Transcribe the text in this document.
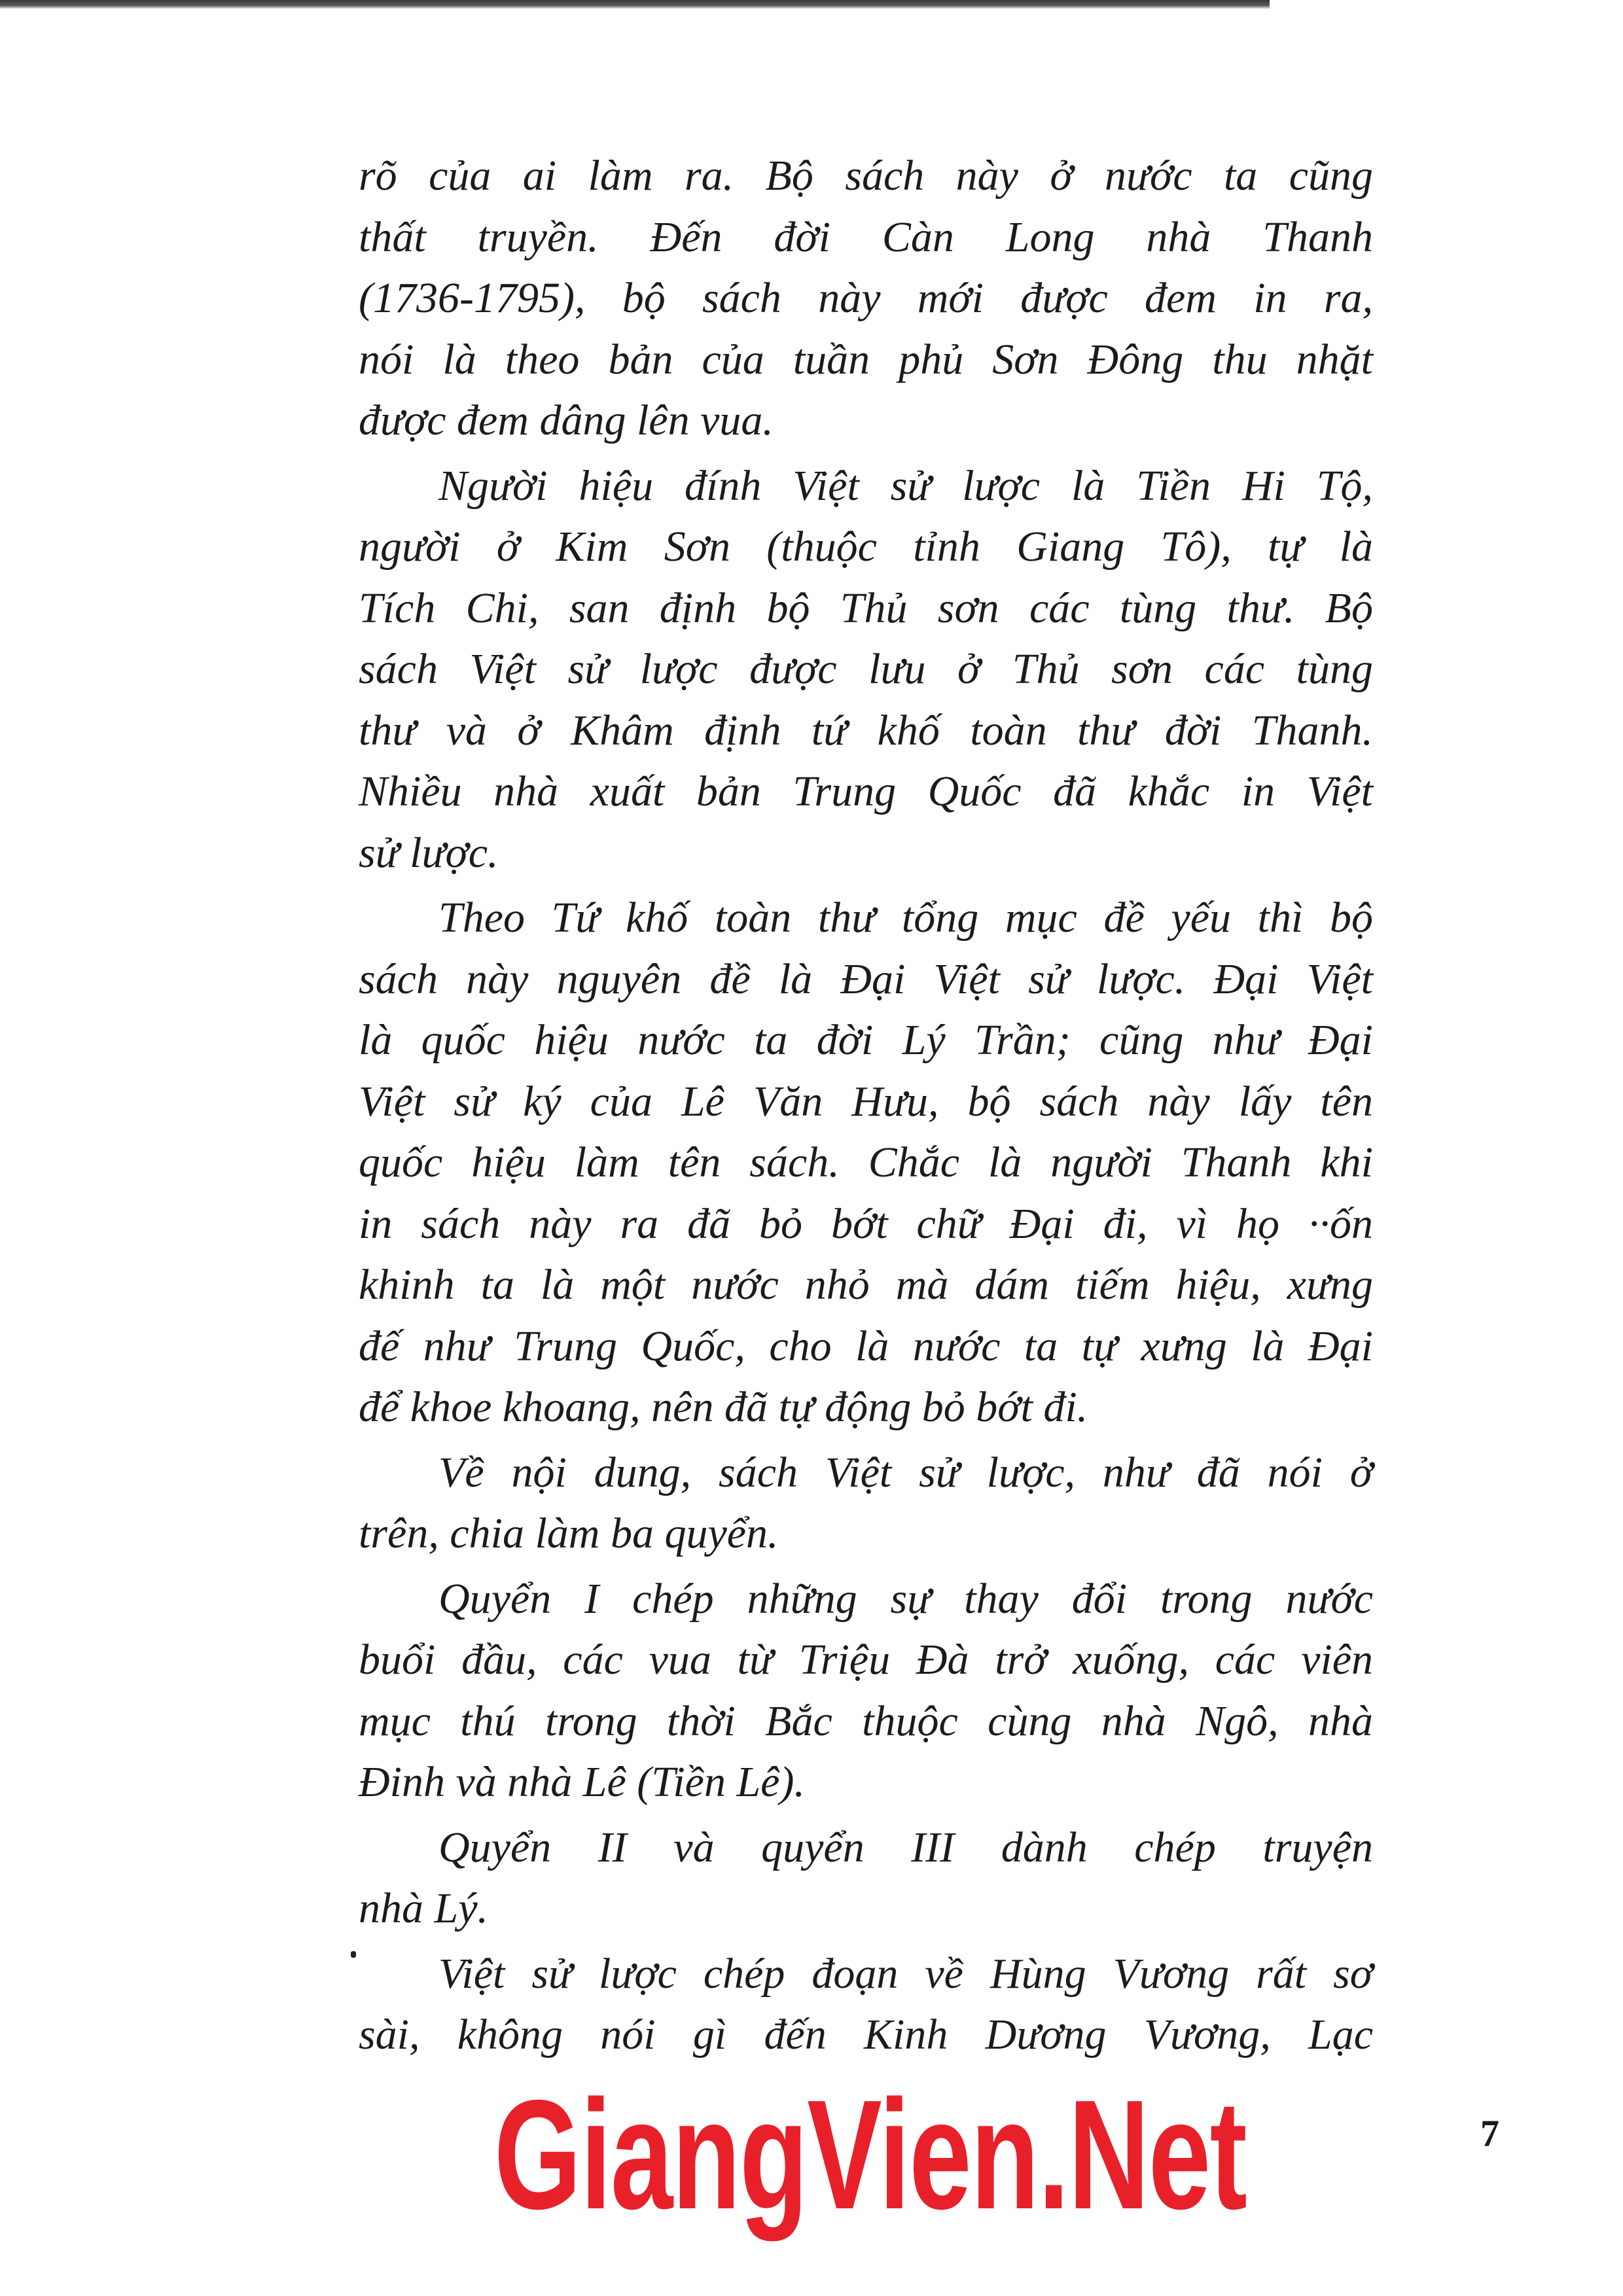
rõ của ai làm ra. Bộ sách này ở nước ta cũng
thất truyền. Đến đời Càn Long nhà Thanh
(1736-1795), bộ sách này mới được đem in ra,
nói là theo bản của tuần phủ Sơn Đông thu nhặt
được đem dâng lên vua.
Người hiệu đính Việt sử lược là Tiền Hi Tộ,
người ở Kim Sơn (thuộc tỉnh Giang Tô), tự là
Tích Chi, san định bộ Thủ sơn các tùng thư. Bộ
sách Việt sử lược được lưu ở Thủ sơn các tùng
thư và ở Khâm định tứ khố toàn thư đời Thanh.
Nhiều nhà xuất bản Trung Quốc đã khắc in Việt
sử lược.
Theo Tứ khố toàn thư tổng mục đề yếu thì bộ
sách này nguyên đề là Đại Việt sử lược. Đại Việt
là quốc hiệu nước ta đời Lý Trần; cũng như Đại
Việt sử ký của Lê Văn Hưu, bộ sách này lấy tên
quốc hiệu làm tên sách. Chắc là người Thanh khi
in sách này ra đã bỏ bớt chữ Đại đi, vì họ ··ốn
khinh ta là một nước nhỏ mà dám tiếm hiệu, xưng
đế như Trung Quốc, cho là nước ta tự xưng là Đại
để khoe khoang, nên đã tự động bỏ bớt đi.
Về nội dung, sách Việt sử lược, như đã nói ở
trên, chia làm ba quyển.
Quyển I chép những sự thay đổi trong nước
buổi đầu, các vua từ Triệu Đà trở xuống, các viên
mục thú trong thời Bắc thuộc cùng nhà Ngô, nhà
Đinh và nhà Lê (Tiền Lê).
Quyển II và quyển III dành chép truyện
nhà Lý.
Việt sử lược chép đoạn về Hùng Vương rất sơ
sài, không nói gì đến Kinh Dương Vương, Lạc
GiangVien.Net	7
